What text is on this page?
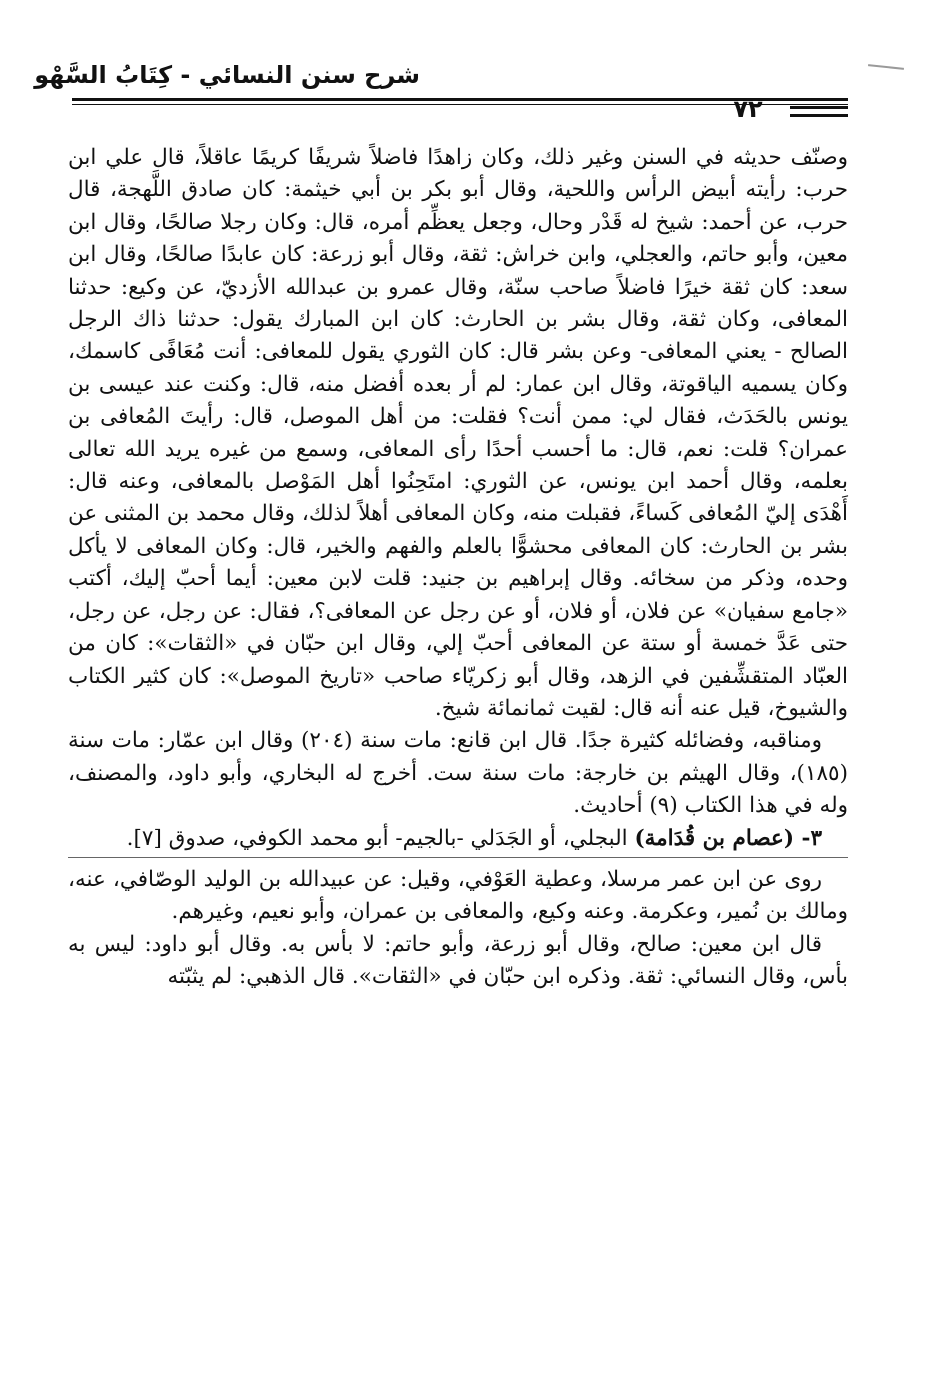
شرح سنن النسائي - كِتَابُ السَّهْو
٧٢

وصنّف حديثه في السنن وغير ذلك، وكان زاهدًا فاضلاً شريفًا كريمًا عاقلاً، قال علي ابن حرب: رأيته أبيض الرأس واللحية، وقال أبو بكر بن أبي خيثمة: كان صادق اللَّهجة، قال حرب، عن أحمد: شيخ له قَدْر وحال، وجعل يعظِّم أمره، قال: وكان رجلا صالحًا، وقال ابن معين، وأبو حاتم، والعجلي، وابن خراش: ثقة، وقال أبو زرعة: كان عابدًا صالحًا، وقال ابن سعد: كان ثقة خيرًا فاضلاً صاحب سنّة، وقال عمرو بن عبدالله الأزديّ، عن وكيع: حدثنا المعافى، وكان ثقة، وقال بشر بن الحارث: كان ابن المبارك يقول: حدثنا ذاك الرجل الصالح - يعني المعافى- وعن بشر قال: كان الثوري يقول للمعافى: أنت مُعَافًى كاسمك، وكان يسميه الياقوتة، وقال ابن عمار: لم أر بعده أفضل منه، قال: وكنت عند عيسى بن يونس بالحَدَث، فقال لي: ممن أنت؟ فقلت: من أهل الموصل، قال: رأيتَ المُعافى بن عمران؟ قلت: نعم، قال: ما أحسب أحدًا رأى المعافى، وسمع من غيره يريد الله تعالى بعلمه، وقال أحمد ابن يونس، عن الثوري: امتَحِنُوا أهل المَوْصل بالمعافى، وعنه قال: أَهْدَى إليّ المُعافى كَساءً، فقبلت منه، وكان المعافى أهلاً لذلك، وقال محمد بن المثنى عن بشر بن الحارث: كان المعافى محشوًّا بالعلم والفهم والخير، قال: وكان المعافى لا يأكل وحده، وذكر من سخائه. وقال إبراهيم بن جنيد: قلت لابن معين: أيما أحبّ إليك، أكتب «جامع سفيان» عن فلان، أو فلان، أو عن رجل عن المعافى؟، فقال: عن رجل، عن رجل، حتى عَدَّ خمسة أو ستة عن المعافى أحبّ إلي، وقال ابن حبّان في «الثقات»: كان من العبّاد المتقشِّفين في الزهد، وقال أبو زكريّاء صاحب «تاريخ الموصل»: كان كثير الكتاب والشيوخ، قيل عنه أنه قال: لقيت ثمانمائة شيخ.

ومناقبه، وفضائله كثيرة جدًا. قال ابن قانع: مات سنة (٢٠٤) وقال ابن عمّار: مات سنة (١٨٥)، وقال الهيثم بن خارجة: مات سنة ست. أخرج له البخاري، وأبو داود، والمصنف، وله في هذا الكتاب (٩) أحاديث.

٣- (عصام بن قُدَامة) البجلي، أو الجَدَلي -بالجيم- أبو محمد الكوفي، صدوق [٧].

روى عن ابن عمر مرسلا، وعطية العَوْفي، وقيل: عن عبيدالله بن الوليد الوصّافي، عنه، ومالك بن نُمير، وعكرمة. وعنه وكيع، والمعافى بن عمران، وأبو نعيم، وغيرهم.

قال ابن معين: صالح، وقال أبو زرعة، وأبو حاتم: لا بأس به. وقال أبو داود: ليس به بأس، وقال النسائي: ثقة. وذكره ابن حبّان في «الثقات». قال الذهبي: لم يثبّته
